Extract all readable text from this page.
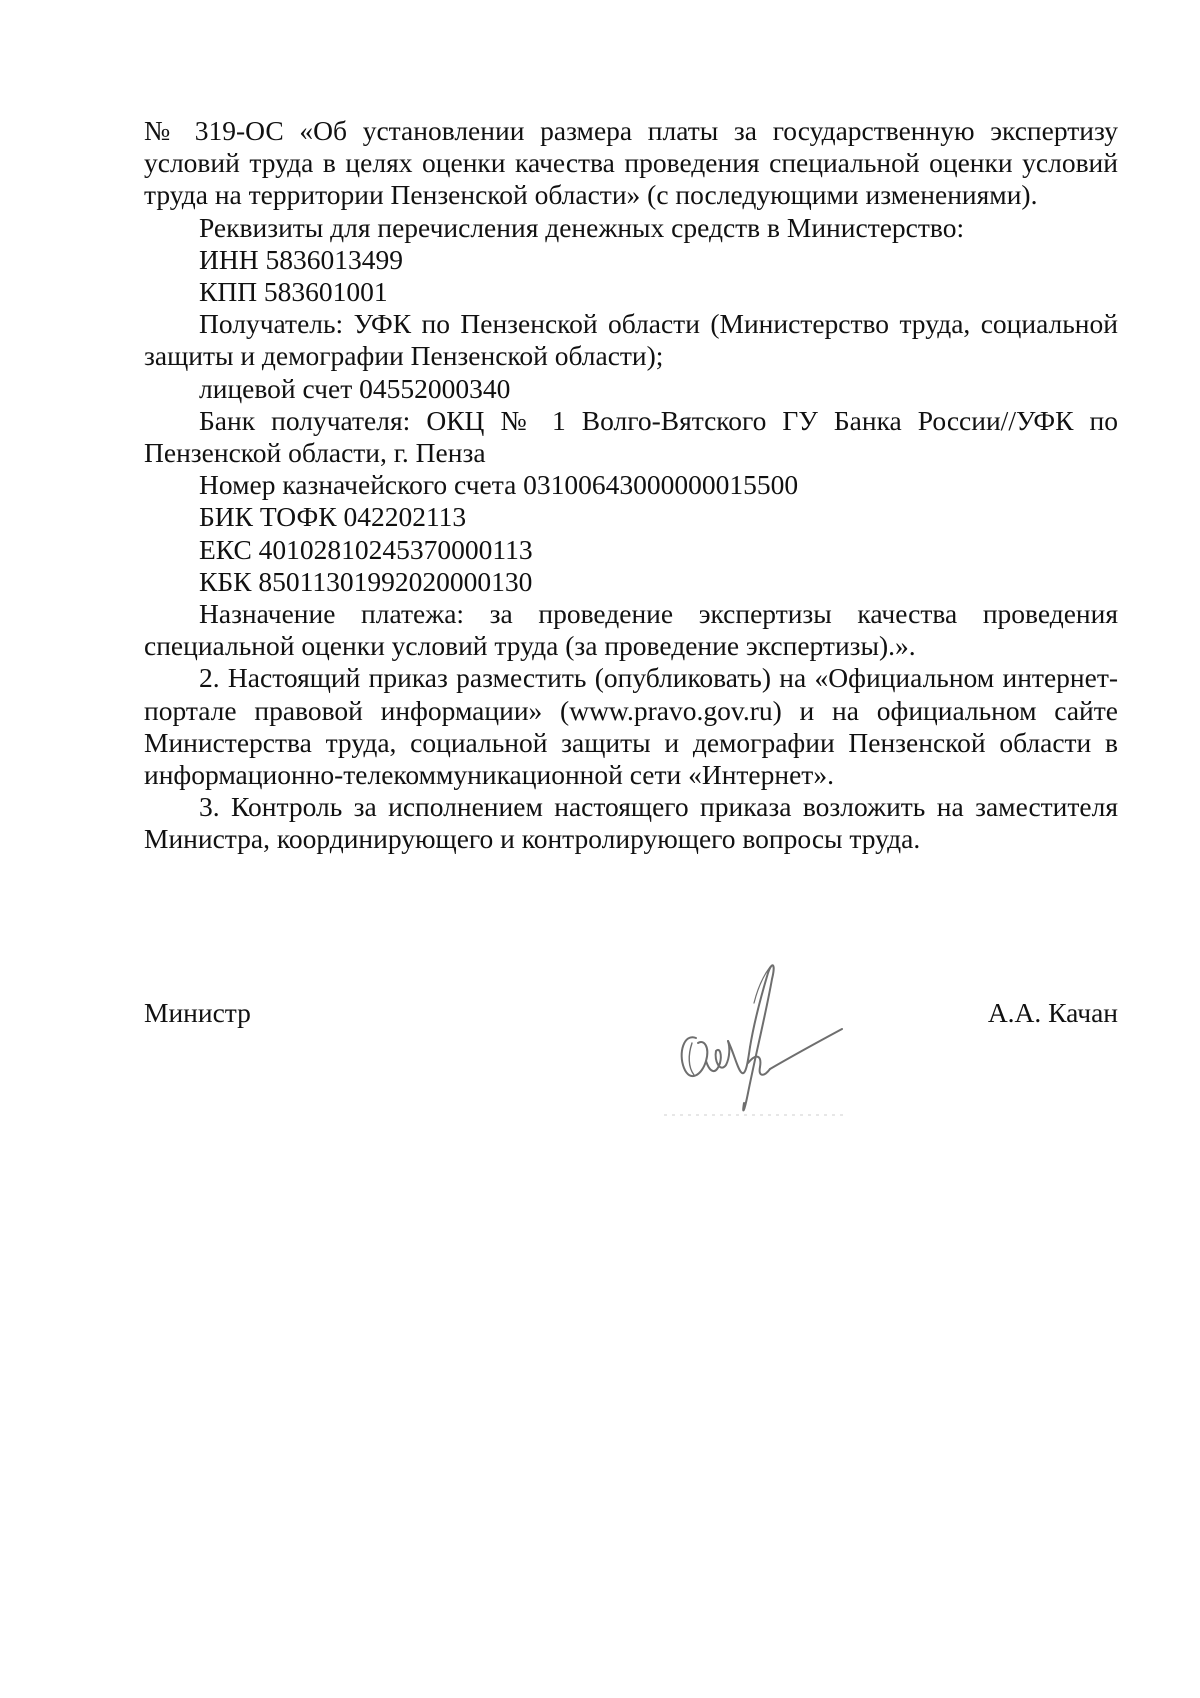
№ 319-ОС «Об установлении размера платы за государственную экспертизу условий труда в целях оценки качества проведения специальной оценки условий труда на территории Пензенской области» (с последующими изменениями).

Реквизиты для перечисления денежных средств в Министерство:

ИНН 5836013499

КПП 583601001

Получатель: УФК по Пензенской области (Министерство труда, социальной защиты и демографии Пензенской области);

лицевой счет 04552000340

Банк получателя: ОКЦ № 1 Волго-Вятского ГУ Банка России//УФК по Пензенской области, г. Пенза

Номер казначейского счета 03100643000000015500

БИК ТОФК 042202113

ЕКС 40102810245370000113

КБК 85011301992020000130

Назначение платежа: за проведение экспертизы качества проведения специальной оценки условий труда (за проведение экспертизы).».

2. Настоящий приказ разместить (опубликовать) на «Официальном интернет-портале правовой информации» (www.pravo.gov.ru) и на официальном сайте Министерства труда, социальной защиты и демографии Пензенской области в информационно-телекоммуникационной сети «Интернет».

3. Контроль за исполнением настоящего приказа возложить на заместителя Министра, координирующего и контролирующего вопросы труда.

Министр	А.А. Качан
